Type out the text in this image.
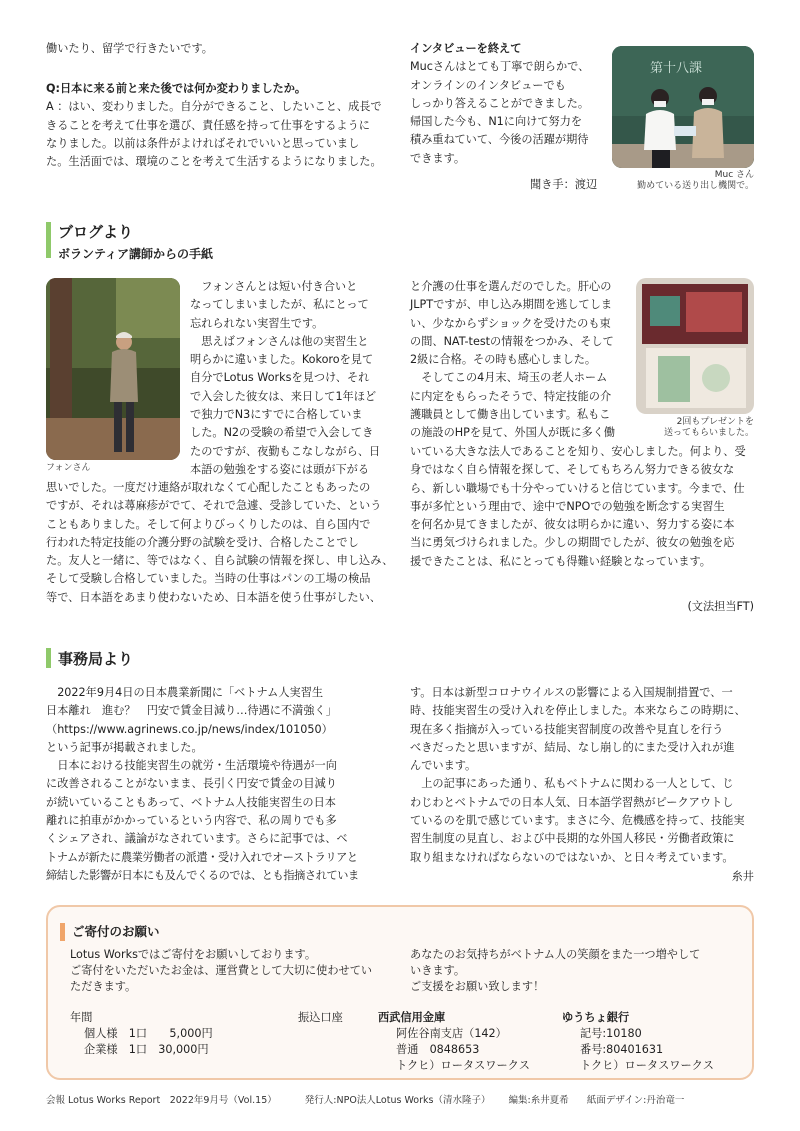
働いたり、留学で行きたいです。

Q:日本に来る前と来た後では何か変わりましたか。

A ：はい、変わりました。自分ができること、したいこと、成長で

きることを考えて仕事を選び、責任感を持って仕事をするように

なりました。以前は条件がよければそれでいいと思っていまし

た。生活面では、環境のことを考えて生活するようになりました。

インタビューを終えて

Mucさんはとても丁寧で朗らかで、

オンラインのインタビューでも

しっかり答えることができました。

帰国した今も、N1に向けて努力を

積み重ねていて、今後の活躍が期待

できます。

聞き手：渡辺
第十八課
Muc さん
勤めている送り出し機関で。
ブログより
ボランティア講師からの手紙
フォンさん

　フォンさんとは短い付き合いと

なってしまいましたが、私にとって

忘れられない実習生です。

　思えばフォンさんは他の実習生と

明らかに違いました。Kokoroを見て

自分でLotus Worksを見つけ、それ

で入会した彼女は、来日して1年ほど

で独力でN3にすでに合格していま

した。N2の受験の希望で入会してき

たのですが、夜勤もこなしながら、日

本語の勉強をする姿には頭が下がる

思いでした。一度だけ連絡が取れなくて心配したこともあったの

ですが、それは蕁麻疹がでて、それで急遽、受診していた、という

こともありました。そして何よりびっくりしたのは、自ら国内で

行われた特定技能の介護分野の試験を受け、合格したことでし

た。友人と一緒に、等ではなく、自ら試験の情報を探し、申し込み、

そして受験し合格していました。当時の仕事はパンの工場の検品

等で、日本語をあまり使わないため、日本語を使う仕事がしたい、

と介護の仕事を選んだのでした。肝心の

JLPTですが、申し込み期間を逃してしま

い、少なからずショックを受けたのも束

の間、NAT-testの情報をつかみ、そして

2級に合格。その時も感心しました。

　そしてこの4月末、埼玉の老人ホーム

に内定をもらったそうで、特定技能の介

護職員として働き出しています。私もこ

の施設のHPを見て、外国人が既に多く働

2回もプレゼントを
送ってもらいました。

いている大きな法人であることを知り、安心しました。何より、受

身ではなく自ら情報を探して、そしてもちろん努力できる彼女な

ら、新しい職場でも十分やっていけると信じています。今まで、仕

事が多忙という理由で、途中でNPOでの勉強を断念する実習生

を何名か見てきましたが、彼女は明らかに違い、努力する姿に本

当に勇気づけられました。少しの期間でしたが、彼女の勉強を応

援できたことは、私にとっても得難い経験となっています。

(文法担当FT)
事務局より

　2022年9月4日の日本農業新聞に「ベトナム人実習生　

日本離れ　進む？　円安で賃金目減り…待遇に不満強く」

（https://www.agrinews.co.jp/news/index/101050）

という記事が掲載されました。

　日本における技能実習生の就労・生活環境や待遇が一向

に改善されることがないまま、長引く円安で賃金の目減り

が続いていることもあって、ベトナム人技能実習生の日本

離れに拍車がかかっているという内容で、私の周りでも多

くシェアされ、議論がなされています。さらに記事では、ベ

トナムが新たに農業労働者の派遣・受け入れでオーストラリアと

締結した影響が日本にも及んでくるのでは、とも指摘されていま

す。日本は新型コロナウイルスの影響による入国規制措置で、一

時、技能実習生の受け入れを停止しました。本来ならこの時期に、

現在多く指摘が入っている技能実習制度の改善や見直しを行う

べきだったと思いますが、結局、なし崩し的にまた受け入れが進

んでいます。

　上の記事にあった通り、私もベトナムに関わる一人として、じ

わじわとベトナムでの日本人気、日本語学習熱がピークアウトし

ているのを肌で感じています。まさに今、危機感を持って、技能実

習生制度の見直し、および中長期的な外国人移民・労働者政策に

取り組まなければならないのではないか、と日々考えています。

糸井
ご寄付のお願い
Lotus Worksではご寄付をお願いしております。
ご寄付をいただいたお金は、運営費として大切に使わせてい
ただきます。
あなたのお気持ちがベトナム人の笑顔をまた一つ増やして
いきます。
ご支援をお願い致します！
年間
個人様　1口　　5,000円
企業様　1口　30,000円
振込口座	西武信用金庫
阿佐谷南支店（142）
普通　0848653
トクヒ）ロータスワークス
ゆうちょ銀行
記号:10180
番号:80401631
トクヒ）ロータスワークス
会報 Lotus Works Report　2022年9月号（Vol.15）	発行人:NPO法人Lotus Works（清水隆子） 編集:糸井夏希 紙面デザイン:丹治竜一
